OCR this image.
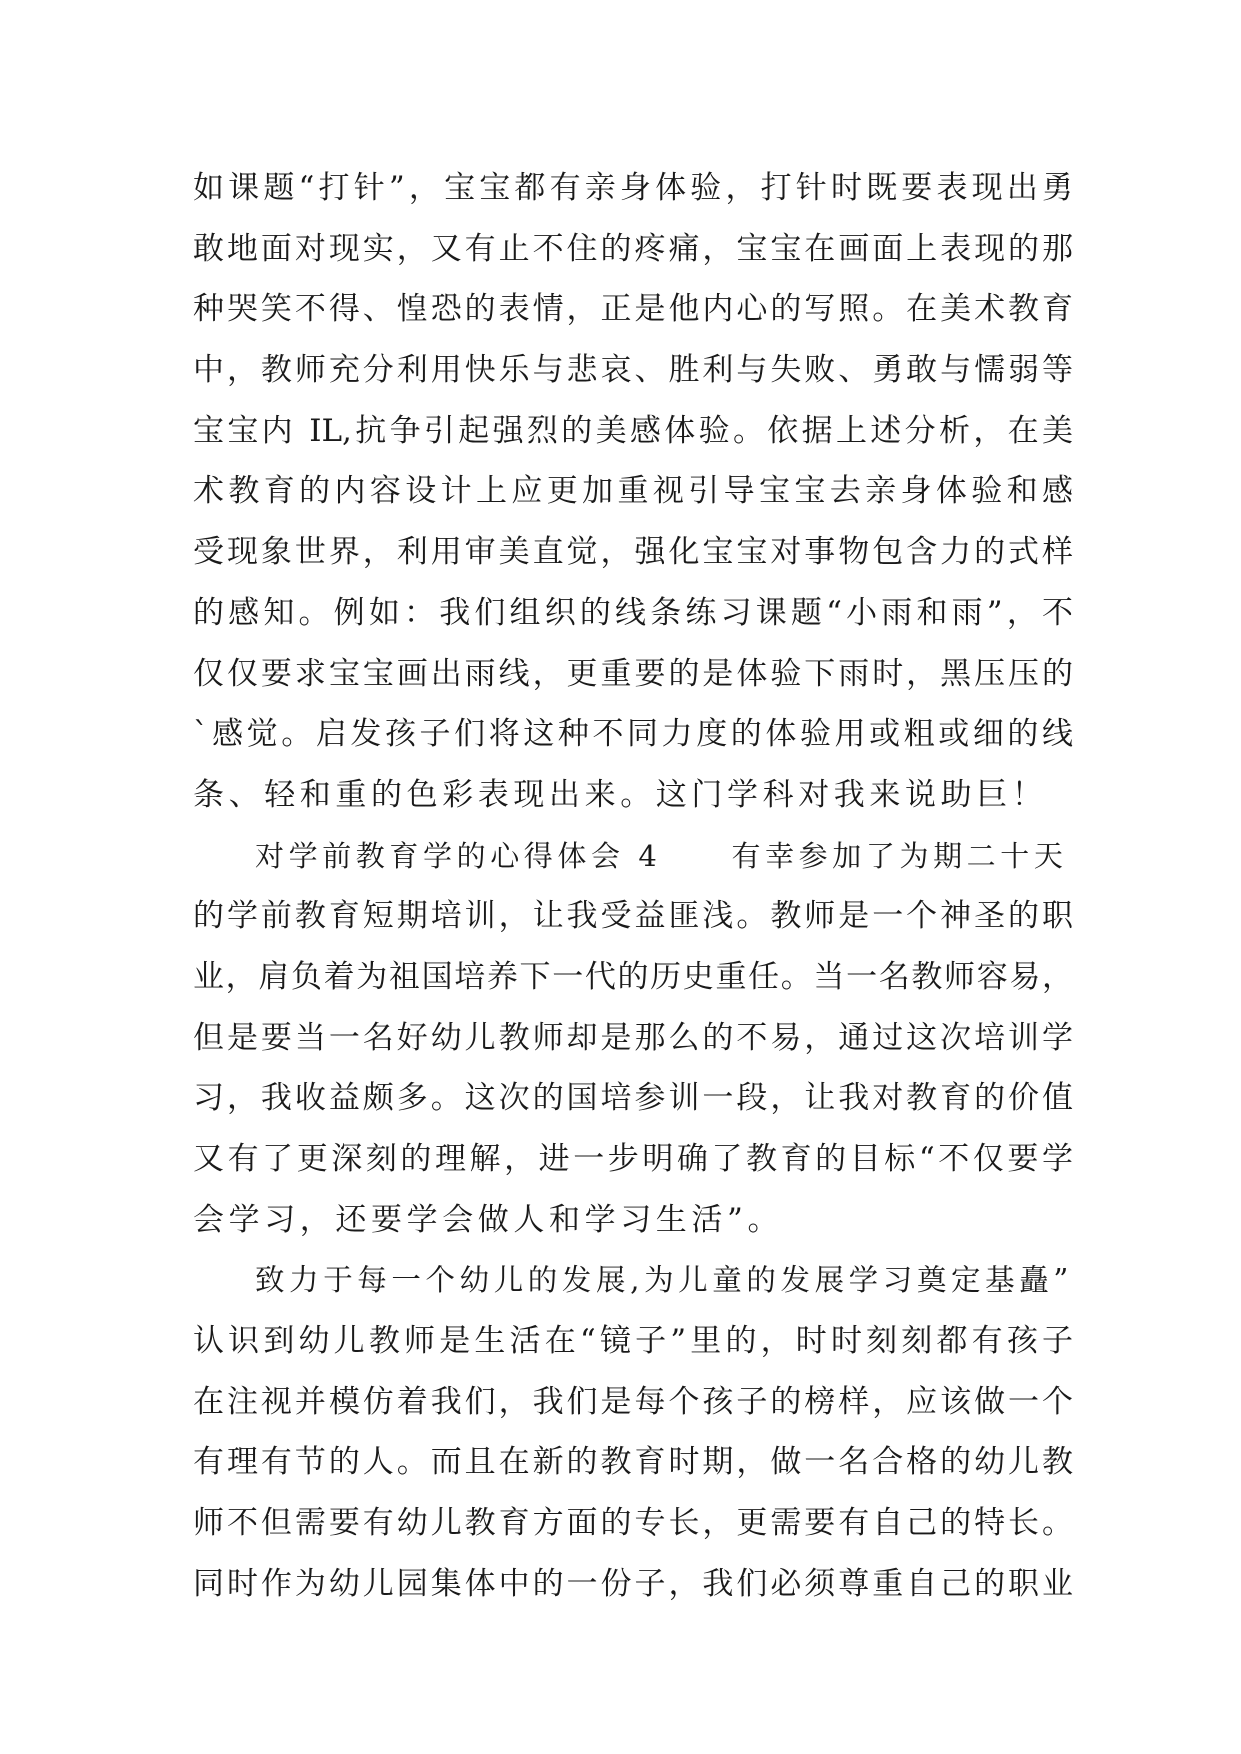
如课题“打针”，宝宝都有亲身体验，打针时既要表现出勇
敢地面对现实，又有止不住的疼痛，宝宝在画面上表现的那
种哭笑不得、惶恐的表情，正是他内心的写照。在美术教育
中，教师充分利用快乐与悲哀、胜利与失败、勇敢与懦弱等
宝宝内 IL,抗争引起强烈的美感体验。依据上述分析，在美
术教育的内容设计上应更加重视引导宝宝去亲身体验和感
受现象世界，利用审美直觉，强化宝宝对事物包含力的式样
的感知。例如：我们组织的线条练习课题“小雨和雨”，不
仅仅要求宝宝画出雨线，更重要的是体验下雨时，黑压压的
`感觉。启发孩子们将这种不同力度的体验用或粗或细的线
条、轻和重的色彩表现出来。这门学科对我来说助巨！
对学前教育学的心得体会 4 有幸参加了为期二十天
的学前教育短期培训，让我受益匪浅。教师是一个神圣的职
业，肩负着为祖国培养下一代的历史重任。当一名教师容易，
但是要当一名好幼儿教师却是那么的不易，通过这次培训学
习，我收益颇多。这次的国培参训一段，让我对教育的价值
又有了更深刻的理解，进一步明确了教育的目标“不仅要学
会学习，还要学会做人和学习生活”。
致力于每一个幼儿的发展,为儿童的发展学习奠定基矗”
认识到幼儿教师是生活在“镜子”里的，时时刻刻都有孩子
在注视并模仿着我们，我们是每个孩子的榜样，应该做一个
有理有节的人。而且在新的教育时期，做一名合格的幼儿教
师不但需要有幼儿教育方面的专长，更需要有自己的特长。
同时作为幼儿园集体中的一份子，我们必须尊重自己的职业
